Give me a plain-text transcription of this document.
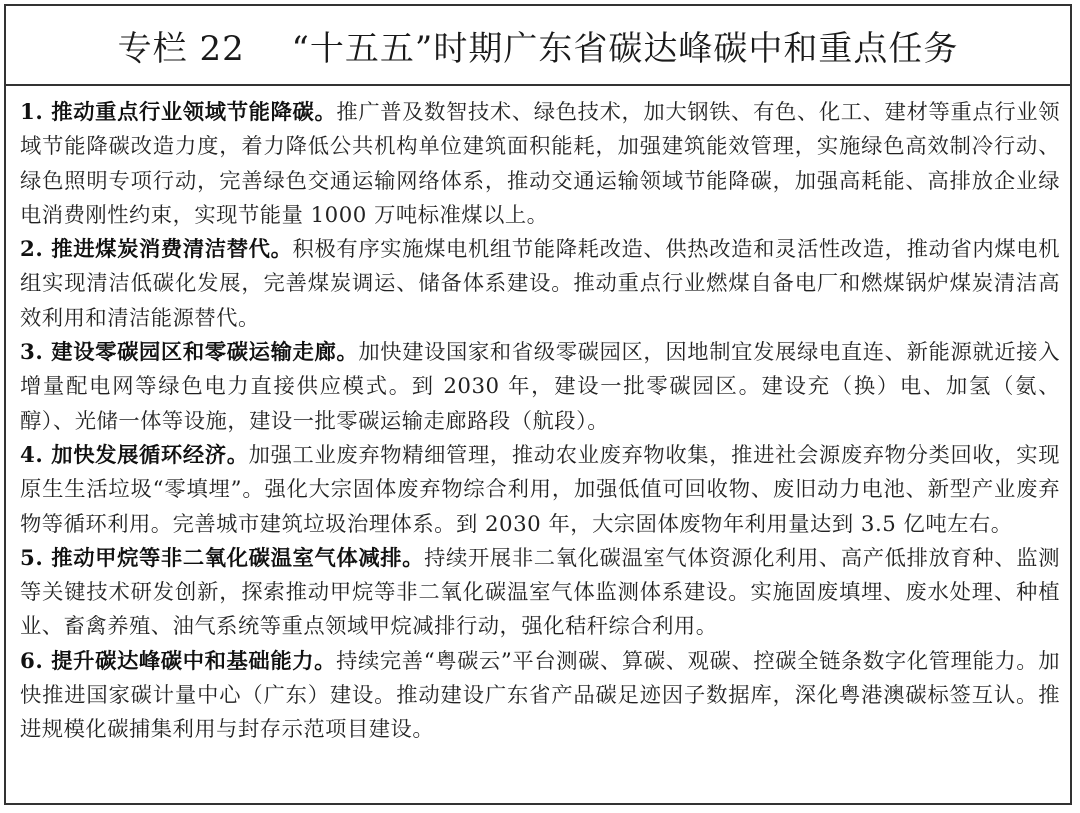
专栏 22　 “十五五”时期广东省碳达峰碳中和重点任务

1. 推动重点行业领域节能降碳。推广普及数智技术、绿色技术，加大钢铁、有色、化工、建材等重点行业领域节能降碳改造力度，着力降低公共机构单位建筑面积能耗，加强建筑能效管理，实施绿色高效制冷行动、绿色照明专项行动，完善绿色交通运输网络体系，推动交通运输领域节能降碳，加强高耗能、高排放企业绿电消费刚性约束，实现节能量 1000 万吨标准煤以上。

2. 推进煤炭消费清洁替代。积极有序实施煤电机组节能降耗改造、供热改造和灵活性改造，推动省内煤电机组实现清洁低碳化发展，完善煤炭调运、储备体系建设。推动重点行业燃煤自备电厂和燃煤锅炉煤炭清洁高效利用和清洁能源替代。

3. 建设零碳园区和零碳运输走廊。加快建设国家和省级零碳园区，因地制宜发展绿电直连、新能源就近接入增量配电网等绿色电力直接供应模式。到 2030 年，建设一批零碳园区。建设充（换）电、加氢（氨、醇）、光储一体等设施，建设一批零碳运输走廊路段（航段）。

4. 加快发展循环经济。加强工业废弃物精细管理，推动农业废弃物收集，推进社会源废弃物分类回收，实现原生生活垃圾“零填埋”。强化大宗固体废弃物综合利用，加强低值可回收物、废旧动力电池、新型产业废弃物等循环利用。完善城市建筑垃圾治理体系。到 2030 年，大宗固体废物年利用量达到 3.5 亿吨左右。

5. 推动甲烷等非二氧化碳温室气体减排。持续开展非二氧化碳温室气体资源化利用、高产低排放育种、监测等关键技术研发创新，探索推动甲烷等非二氧化碳温室气体监测体系建设。实施固废填埋、废水处理、种植业、畜禽养殖、油气系统等重点领域甲烷减排行动，强化秸秆综合利用。

6. 提升碳达峰碳中和基础能力。持续完善“粤碳云”平台测碳、算碳、观碳、控碳全链条数字化管理能力。加快推进国家碳计量中心（广东）建设。推动建设广东省产品碳足迹因子数据库，深化粤港澳碳标签互认。推进规模化碳捕集利用与封存示范项目建设。
